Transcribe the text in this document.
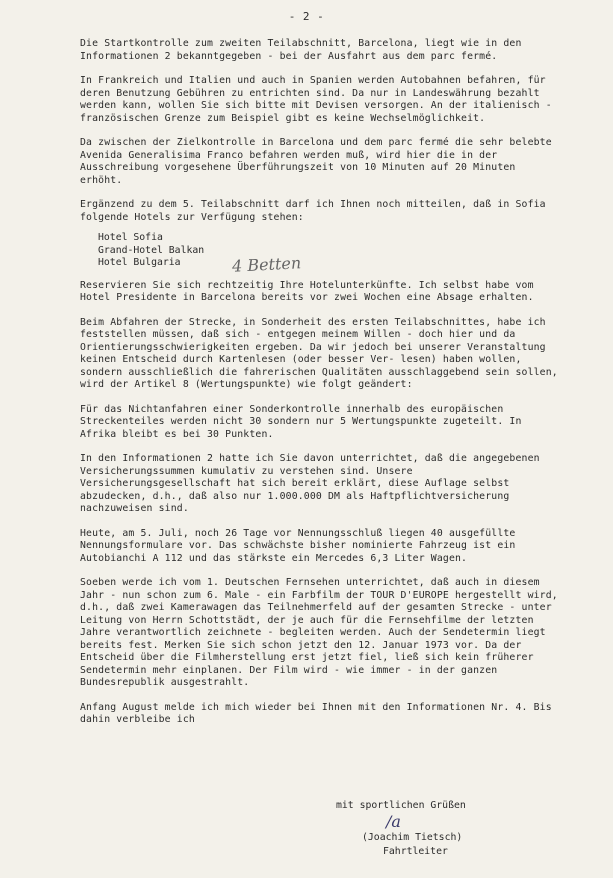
- 2 -

Die Startkontrolle zum zweiten Teilabschnitt, Barcelona, liegt wie in den Informationen 2 bekanntgegeben - bei der Ausfahrt aus dem parc fermé.

In Frankreich und Italien und auch in Spanien werden Autobahnen befahren, für deren Benutzung Gebühren zu entrichten sind. Da nur in Landeswährung bezahlt werden kann, wollen Sie sich bitte mit Devisen versorgen. An der italienisch - französischen Grenze zum Beispiel gibt es keine Wechselmöglichkeit.

Da zwischen der Zielkontrolle in Barcelona und dem parc fermé die sehr belebte Avenida Generalisima Franco befahren werden muß, wird hier die in der Ausschreibung vorgesehene Überführungszeit von 10 Minuten auf 20 Minuten erhöht.

Ergänzend zu dem 5. Teilabschnitt darf ich Ihnen noch mitteilen, daß in Sofia folgende Hotels zur Verfügung stehen:

Hotel Sofia
Grand-Hotel Balkan
Hotel Bulgaria

Reservieren Sie sich rechtzeitig Ihre Hotelunterkünfte. Ich selbst habe vom Hotel Presidente in Barcelona bereits vor zwei Wochen eine Absage erhalten.

Beim Abfahren der Strecke, in Sonderheit des ersten Teilabschnittes, habe ich feststellen müssen, daß sich - entgegen meinem Willen - doch hier und da Orientierungsschwierigkeiten ergeben. Da wir jedoch bei unserer Veranstaltung keinen Entscheid durch Kartenlesen (oder besser Ver- lesen) haben wollen, sondern ausschließlich die fahrerischen Qualitäten ausschlaggebend sein sollen, wird der Artikel 8 (Wertungspunkte) wie folgt geändert:

Für das Nichtanfahren einer Sonderkontrolle innerhalb des europäischen Streckenteiles werden nicht 30 sondern nur 5 Wertungspunkte zugeteilt. In Afrika bleibt es bei 30 Punkten.

In den Informationen 2 hatte ich Sie davon unterrichtet, daß die angegebenen Versicherungssummen kumulativ zu verstehen sind. Unsere Versicherungsgesellschaft hat sich bereit erklärt, diese Auflage selbst abzudecken, d.h., daß also nur 1.000.000 DM als Haftpflichtversicherung nachzuweisen sind.

Heute, am 5. Juli, noch 26 Tage vor Nennungsschluß liegen 40 ausgefüllte Nennungsformulare vor. Das schwächste bisher nominierte Fahrzeug ist ein Autobianchi A 112 und das stärkste ein Mercedes 6,3 Liter Wagen.

Soeben werde ich vom 1. Deutschen Fernsehen unterrichtet, daß auch in diesem Jahr - nun schon zum 6. Male - ein Farbfilm der TOUR D'EUROPE hergestellt wird, d.h., daß zwei Kamerawagen das Teilnehmerfeld auf der gesamten Strecke - unter Leitung von Herrn Schottstädt, der je auch für die Fernsehfilme der letzten Jahre verantwortlich zeichnete - begleiten werden. Auch der Sendetermin liegt bereits fest. Merken Sie sich schon jetzt den 12. Januar 1973 vor. Da der Entscheid über die Filmherstellung erst jetzt fiel, ließ sich kein früherer Sendetermin mehr einplanen. Der Film wird - wie immer - in der ganzen Bundesrepublik ausgestrahlt.

Anfang August melde ich mich wieder bei Ihnen mit den Informationen Nr. 4. Bis dahin verbleibe ich

4 Betten
mit sportlichen Grüßen
/a
(Joachim Tietsch)
Fahrtleiter
